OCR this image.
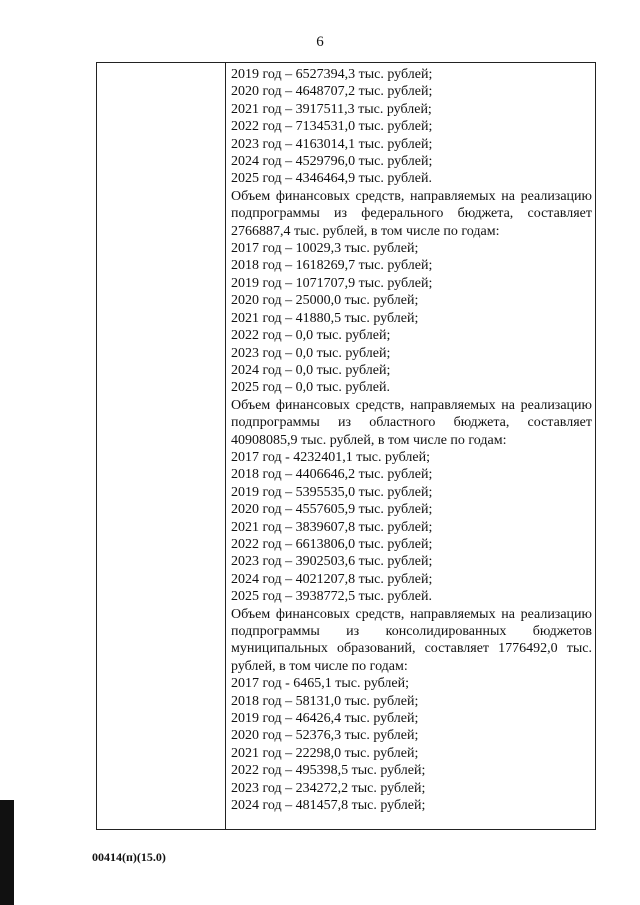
6
2019 год – 6527394,3 тыс. рублей;
2020 год – 4648707,2 тыс. рублей;
2021 год – 3917511,3 тыс. рублей;
2022 год – 7134531,0 тыс. рублей;
2023 год – 4163014,1 тыс. рублей;
2024 год – 4529796,0 тыс. рублей;
2025 год – 4346464,9 тыс. рублей.
Объем финансовых средств, направляемых на реализацию подпрограммы из федерального бюджета, составляет 2766887,4 тыс. рублей, в том числе по годам:
2017 год – 10029,3 тыс. рублей;
2018 год – 1618269,7 тыс. рублей;
2019 год – 1071707,9 тыс. рублей;
2020 год – 25000,0 тыс. рублей;
2021 год – 41880,5 тыс. рублей;
2022 год – 0,0 тыс. рублей;
2023 год – 0,0 тыс. рублей;
2024 год – 0,0 тыс. рублей;
2025 год – 0,0 тыс. рублей.
Объем финансовых средств, направляемых на реализацию подпрограммы из областного бюджета, составляет 40908085,9 тыс. рублей, в том числе по годам:
2017 год - 4232401,1 тыс. рублей;
2018 год – 4406646,2 тыс. рублей;
2019 год – 5395535,0 тыс. рублей;
2020 год – 4557605,9 тыс. рублей;
2021 год – 3839607,8 тыс. рублей;
2022 год – 6613806,0 тыс. рублей;
2023 год – 3902503,6 тыс. рублей;
2024 год – 4021207,8 тыс. рублей;
2025 год – 3938772,5 тыс. рублей.
Объем финансовых средств, направляемых на реализацию подпрограммы из консолидированных бюджетов муниципальных образований, составляет 1776492,0 тыс. рублей, в том числе по годам:
2017 год - 6465,1 тыс. рублей;
2018 год – 58131,0 тыс. рублей;
2019 год – 46426,4 тыс. рублей;
2020 год – 52376,3 тыс. рублей;
2021 год – 22298,0 тыс. рублей;
2022 год – 495398,5 тыс. рублей;
2023 год – 234272,2 тыс. рублей;
2024 год – 481457,8 тыс. рублей;
00414(п)(15.0)
